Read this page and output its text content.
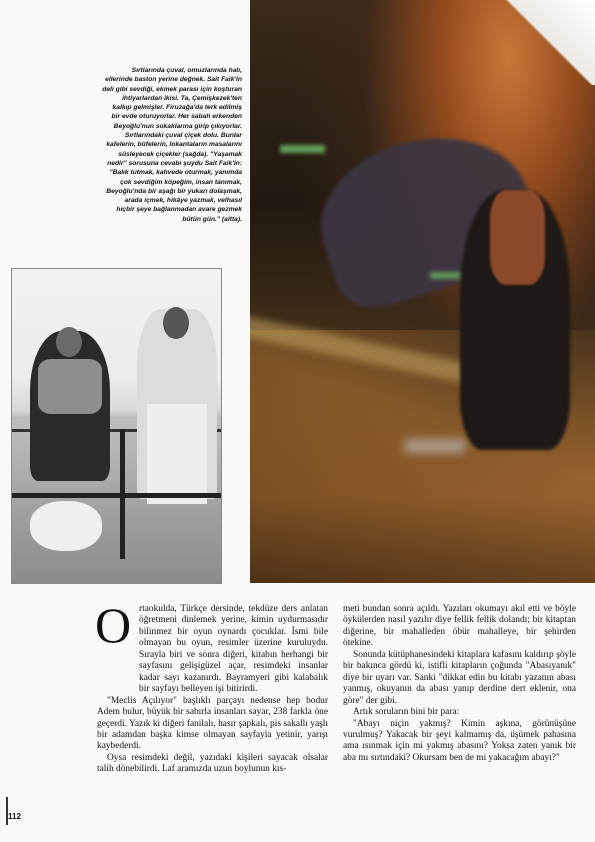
Sırtlarında çuval, omuzlarında halı,
ellerinde baston yerine değnek. Sait Faik'in
deli gibi sevdiği, ekmek parası için koşturan
ihtiyarlardan ikisi. Ta, Çemişkezek'ten
kalkıp gelmişler. Firuzağa'da terk edilmiş
bir evde oturuyorlar. Her sabah erkenden
Beyoğlu'nun sokaklarına girip çıkıyorlar.
Sırtlarındaki çuval çiçek dolu. Bunlar
kafelerin, büfelerin, lokantaların masalarını
süsleyecek çiçekler (sağda). "Yaşamak
nedir" sorusuna cevabı şuydu Sait Faik'in:
"Balık tutmak, kahvede oturmak, yanımda
çok sevdiğim köpeğim, insan tanımak,
Beyoğlu'nda bir aşağı bir yukarı dolaşmak,
arada içmek, hikâye yazmak, velhasıl
hiçbir şeye bağlanmadan avare gezmek
bütün gün." (altta).
O rtaokulda, Türkçe dersinde, tekdüze ders anlatan öğretmeni dinlemek yerine, kimin uydurmasıdır bilinmez bir oyun oynardı çocuklar. İsmi bile olmayan bu oyun, resimler üzerine kuruluydu. Sırayla biri ve sonra diğeri, kitabın herhangi bir sayfasını gelişigüzel açar, resimdeki insanlar kadar sayı kazanırdı. Bayramyeri gibi kalabalık bir sayfayı belleyen işi bitirirdi.

"Meclis Açılıyor" başlıklı parçayı nedense hep bodur Adem bulur, büyük bir sabırla insanları sayar, 238 farkla öne geçerdi. Yazık ki diğeri fanilalı, hasır şapkalı, pis sakallı yaşlı bir adamdan başka kimse olmayan sayfayla yetinir, yarışı kaybederdi.

Oysa resimdeki değil, yazıdaki kişileri sayacak olsalar talih dönebilirdi. Laf aramızda uzun boylunun kıs-

meti bundan sonra açıldı. Yazıları okumayı akıl etti ve böyle öykülerden nasıl yazılır diye fellik fellik dolandı; bir kitaptan diğerine, bir mahalleden öbür mahalleye, bir şehirden ötekine.

Sonunda kütüphanesindeki kitaplara kafasını kaldırıp şöyle bir bakınca gördü ki, istifli kitapların çoğunda "Abasıyanık" diye bir uyarı var. Sanki "dikkat edin bu kitabı yazanın abası yanmış, okuyanın da abası yanıp derdine dert eklenir, ona göre" der gibi.

Artık soruların bini bir para:

"Abayı niçin yakmış? Kimin aşkına, görünüşüne vurulmuş? Yakacak bir şeyi kalmamış da, üşümek pahasına ama ısınmak için mi yakmış abasını? Yoksa zaten yanık bir aba mı sırtındaki? Okursam ben de mi yakacağım abayı?"

112
